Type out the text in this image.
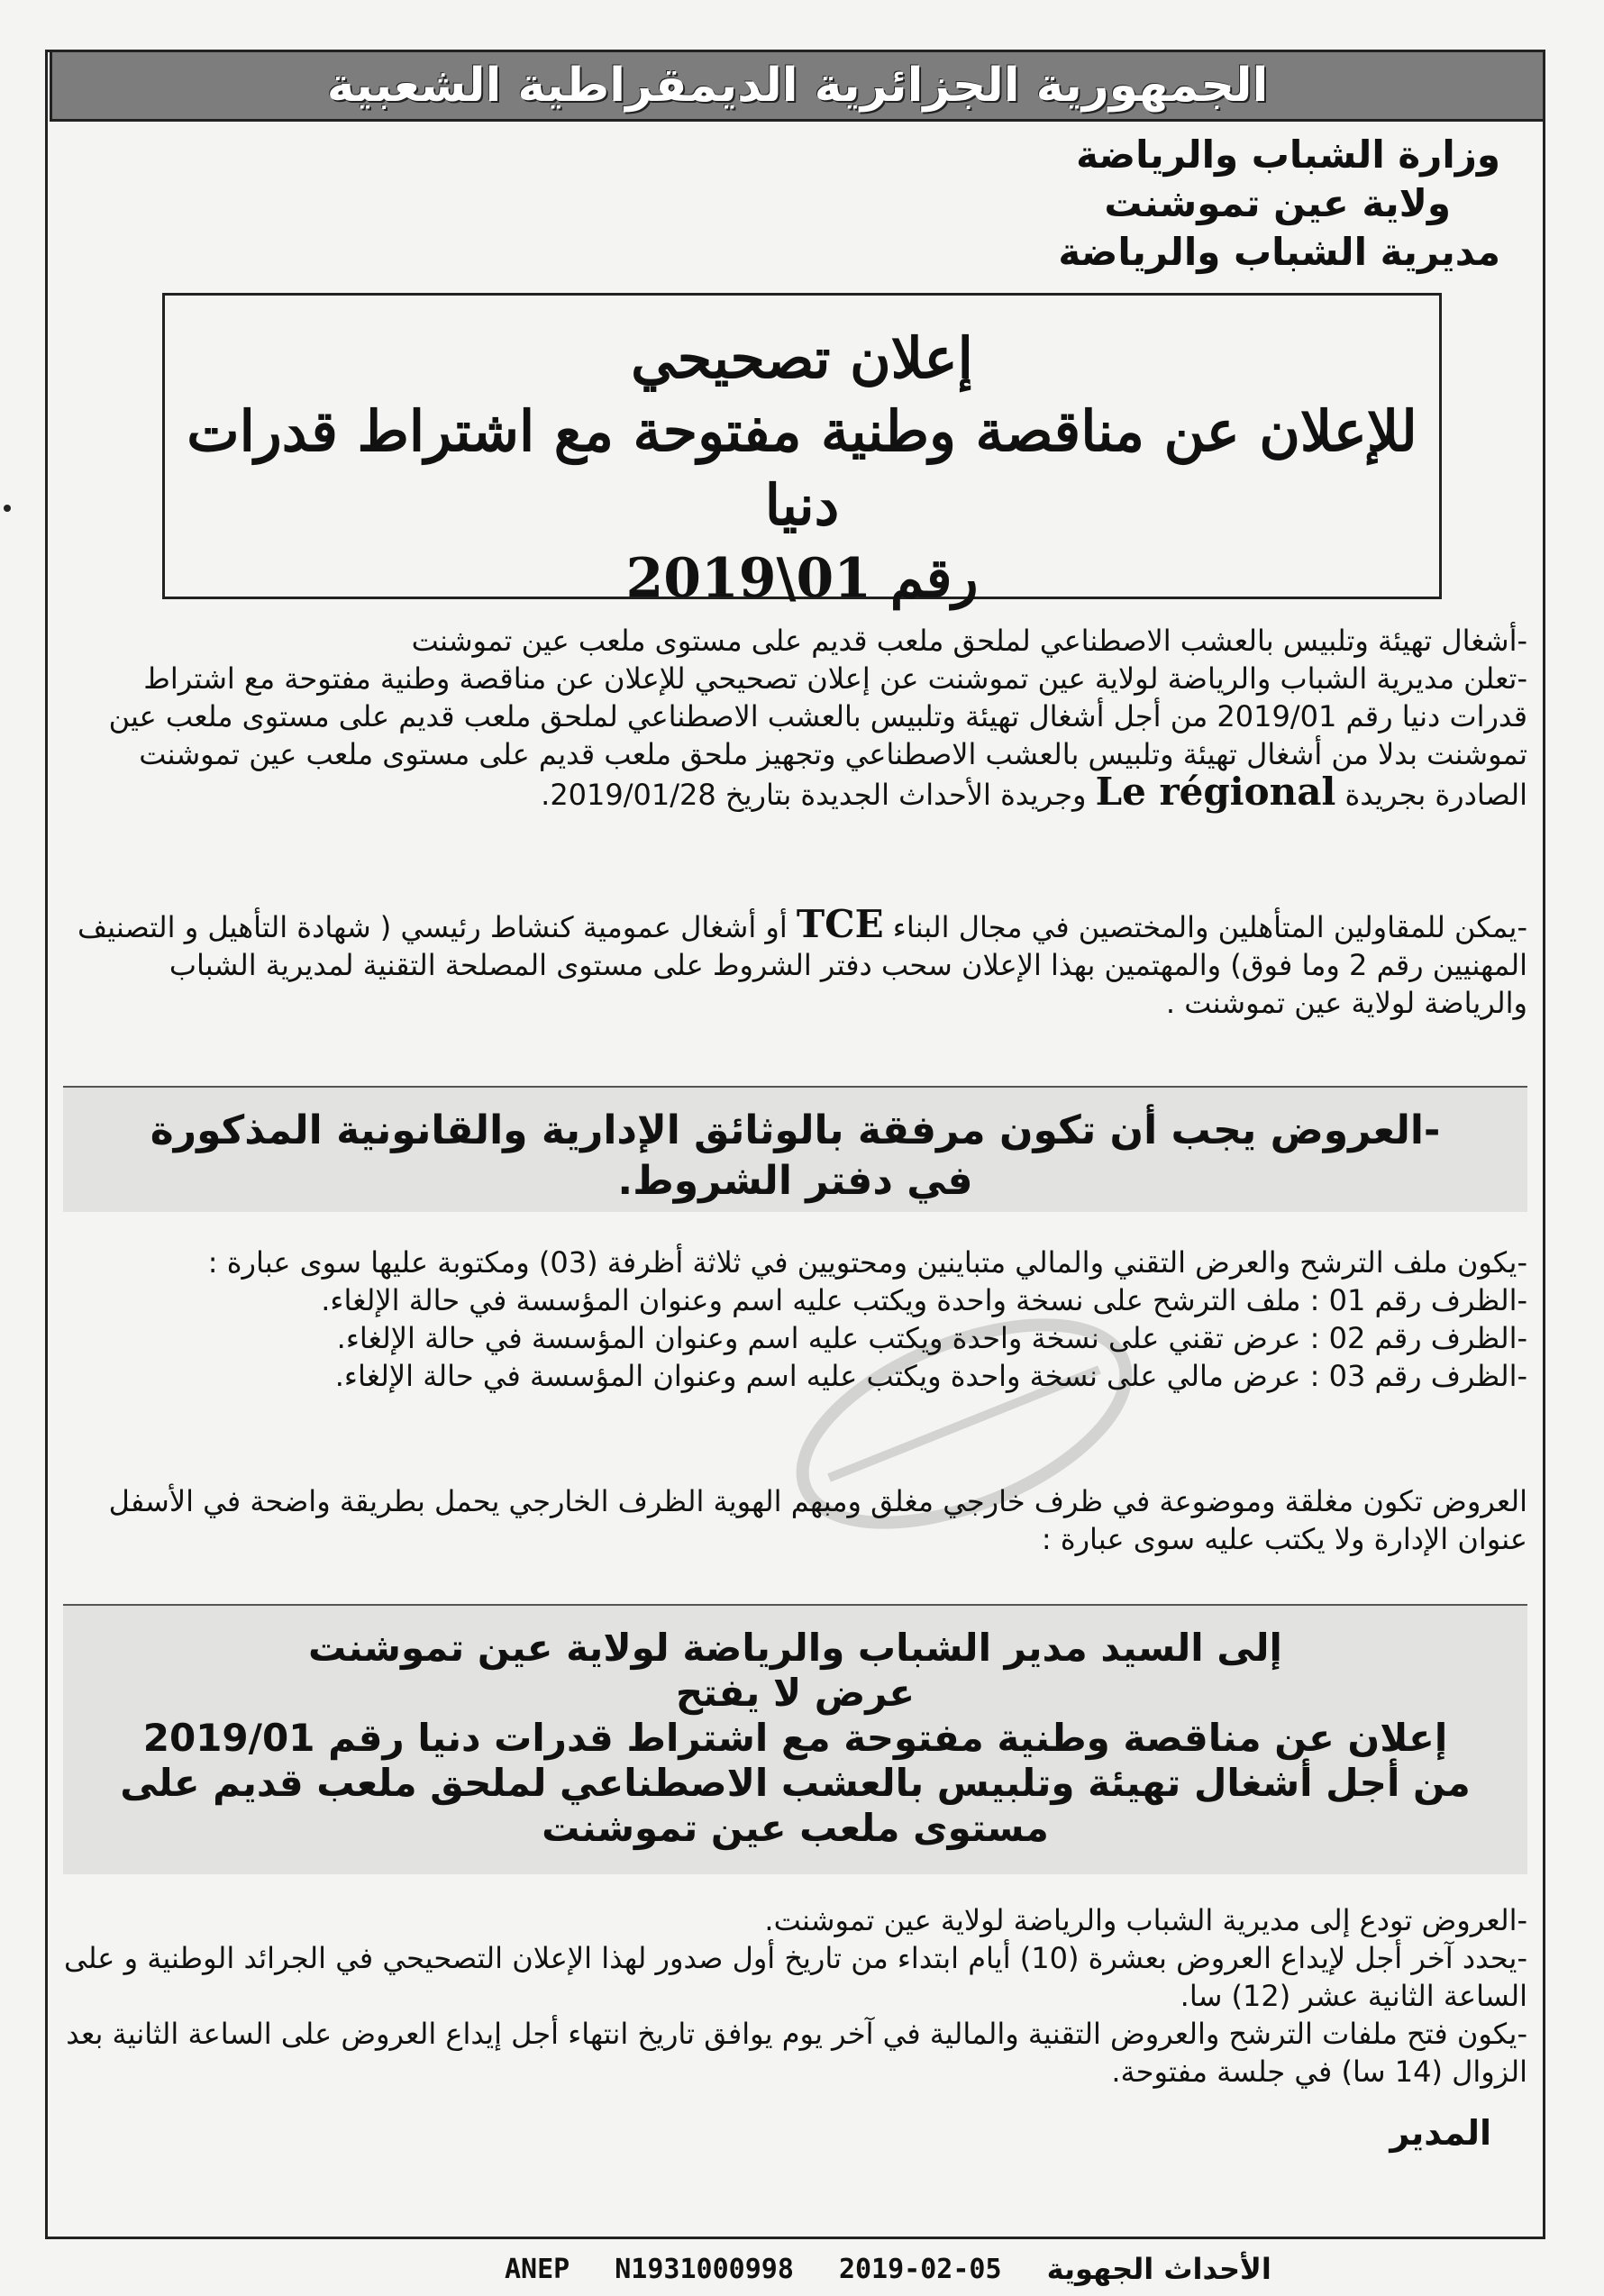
الجمهورية الجزائرية الديمقراطية الشعبية
وزارة الشباب والرياضة
ولاية عين تموشنت
مديرية الشباب والرياضة
إعلان تصحيحي
للإعلان عن مناقصة وطنية مفتوحة مع اشتراط قدرات دنيا
رقم 01\2019

-أشغال تهيئة وتلبيس بالعشب الاصطناعي لملحق ملعب قديم على مستوى ملعب عين تموشنت

-تعلن مديرية الشباب والرياضة لولاية عين تموشنت عن إعلان تصحيحي للإعلان عن مناقصة وطنية مفتوحة مع اشتراط قدرات دنيا رقم 2019/01 من أجل أشغال تهيئة وتلبيس بالعشب الاصطناعي لملحق ملعب قديم على مستوى ملعب عين تموشنت بدلا من أشغال تهيئة وتلبيس بالعشب الاصطناعي وتجهيز ملحق ملعب قديم على مستوى ملعب عين تموشنت الصادرة بجريدة Le régional وجريدة الأحداث الجديدة بتاريخ 2019/01/28.

-يمكن للمقاولين المتأهلين والمختصين في مجال البناء TCE أو أشغال عمومية كنشاط رئيسي ( شهادة التأهيل و التصنيف المهنيين رقم 2 وما فوق) والمهتمين بهذا الإعلان سحب دفتر الشروط على مستوى المصلحة التقنية لمديرية الشباب والرياضة لولاية عين تموشنت .

-العروض يجب أن تكون مرفقة بالوثائق الإدارية والقانونية المذكورة
في دفتر الشروط.

-يكون ملف الترشح والعرض التقني والمالي متباينين ومحتويين في ثلاثة أظرفة (03) ومكتوبة عليها سوى عبارة :

-الظرف رقم 01 : ملف الترشح على نسخة واحدة ويكتب عليه اسم وعنوان المؤسسة في حالة الإلغاء.

-الظرف رقم 02 : عرض تقني على نسخة واحدة ويكتب عليه اسم وعنوان المؤسسة في حالة الإلغاء.

-الظرف رقم 03 : عرض مالي على نسخة واحدة ويكتب عليه اسم وعنوان المؤسسة في حالة الإلغاء.

العروض تكون مغلقة وموضوعة في ظرف خارجي مغلق ومبهم الهوية الظرف الخارجي يحمل بطريقة واضحة في الأسفل عنوان الإدارة ولا يكتب عليه سوى عبارة :

إلى السيد مدير الشباب والرياضة لولاية عين تموشنت
عرض لا يفتح
إعلان عن مناقصة وطنية مفتوحة مع اشتراط قدرات دنيا رقم 2019/01
من أجل أشغال تهيئة وتلبيس بالعشب الاصطناعي لملحق ملعب قديم على
مستوى ملعب عين تموشنت

-العروض تودع إلى مديرية الشباب والرياضة لولاية عين تموشنت.

-يحدد آخر أجل لإيداع العروض بعشرة (10) أيام ابتداء من تاريخ أول صدور لهذا الإعلان التصحيحي في الجرائد الوطنية و على الساعة الثانية عشر (12) سا.

-يكون فتح ملفات الترشح والعروض التقنية والمالية في آخر يوم يوافق تاريخ انتهاء أجل إيداع العروض على الساعة الثانية بعد الزوال (14 سا) في جلسة مفتوحة.

المدير
ANEP N1931000998 2019-02-05 الأحداث الجهوية
